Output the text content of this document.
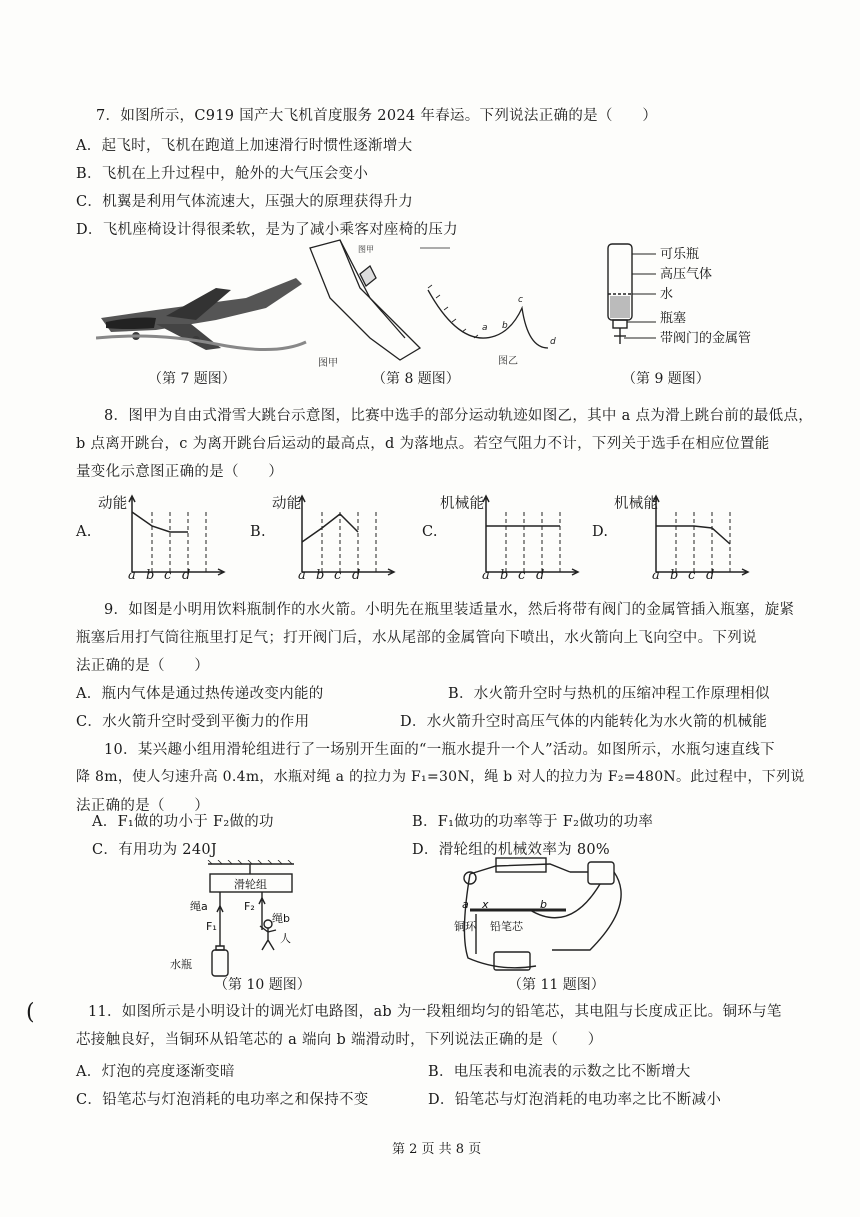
7．如图所示，C919 国产大飞机首度服务 2024 年春运。下列说法正确的是（　　）
A．起飞时，飞机在跑道上加速滑行时惯性逐渐增大
B．飞机在上升过程中，舱外的大气压会变小
C．机翼是利用气体流速大，压强大的原理获得升力
D．飞机座椅设计得很柔软，是为了减小乘客对座椅的压力
（第 7 题图）
图甲
图甲
a b
c
d
图乙
（第 8 题图）
可乐瓶
高压气体
水
瓶塞
带阀门的金属管
（第 9 题图）
8．图甲为自由式滑雪大跳台示意图，比赛中选手的部分运动轨迹如图乙，其中 a 点为滑上跳台前的最低点，
b 点离开跳台，c 为离开跳台后运动的最高点，d 为落地点。若空气阻力不计，下列关于选手在相应位置能
量变化示意图正确的是（　　）
A.
动能
B.
动能
C.
机械能
D.
机械能
a b c d	a b c d	a b c d	a b c d
9．如图是小明用饮料瓶制作的水火箭。小明先在瓶里装适量水，然后将带有阀门的金属管插入瓶塞，旋紧
瓶塞后用打气筒往瓶里打足气；打开阀门后，水从尾部的金属管向下喷出，水火箭向上飞向空中。下列说
法正确的是（　　）
A．瓶内气体是通过热传递改变内能的	B．水火箭升空时与热机的压缩冲程工作原理相似
C．水火箭升空时受到平衡力的作用	D．水火箭升空时高压气体的内能转化为水火箭的机械能
10．某兴趣小组用滑轮组进行了一场别开生面的“一瓶水提升一个人”活动。如图所示，水瓶匀速直线下
降 8m，使人匀速升高 0.4m，水瓶对绳 a 的拉力为 F₁=30N，绳 b 对人的拉力为 F₂=480N。此过程中，下列说
法正确的是（　　）
A．F₁做的功小于 F₂做的功	B．F₁做功的功率等于 F₂做功的功率
C．有用功为 240J	D．滑轮组的机械效率为 80%
滑轮组
绳a	F₂
绳b
F₁
人
水瓶
（第 10 题图）
a x	b
铜环 铅笔芯
（第 11 题图）
(	11．如图所示是小明设计的调光灯电路图，ab 为一段粗细均匀的铅笔芯，其电阻与长度成正比。铜环与笔
芯接触良好，当铜环从铅笔芯的 a 端向 b 端滑动时，下列说法正确的是（　　）
A．灯泡的亮度逐渐变暗	B．电压表和电流表的示数之比不断增大
C．铅笔芯与灯泡消耗的电功率之和保持不变	D．铅笔芯与灯泡消耗的电功率之比不断减小
第 2 页 共 8 页
